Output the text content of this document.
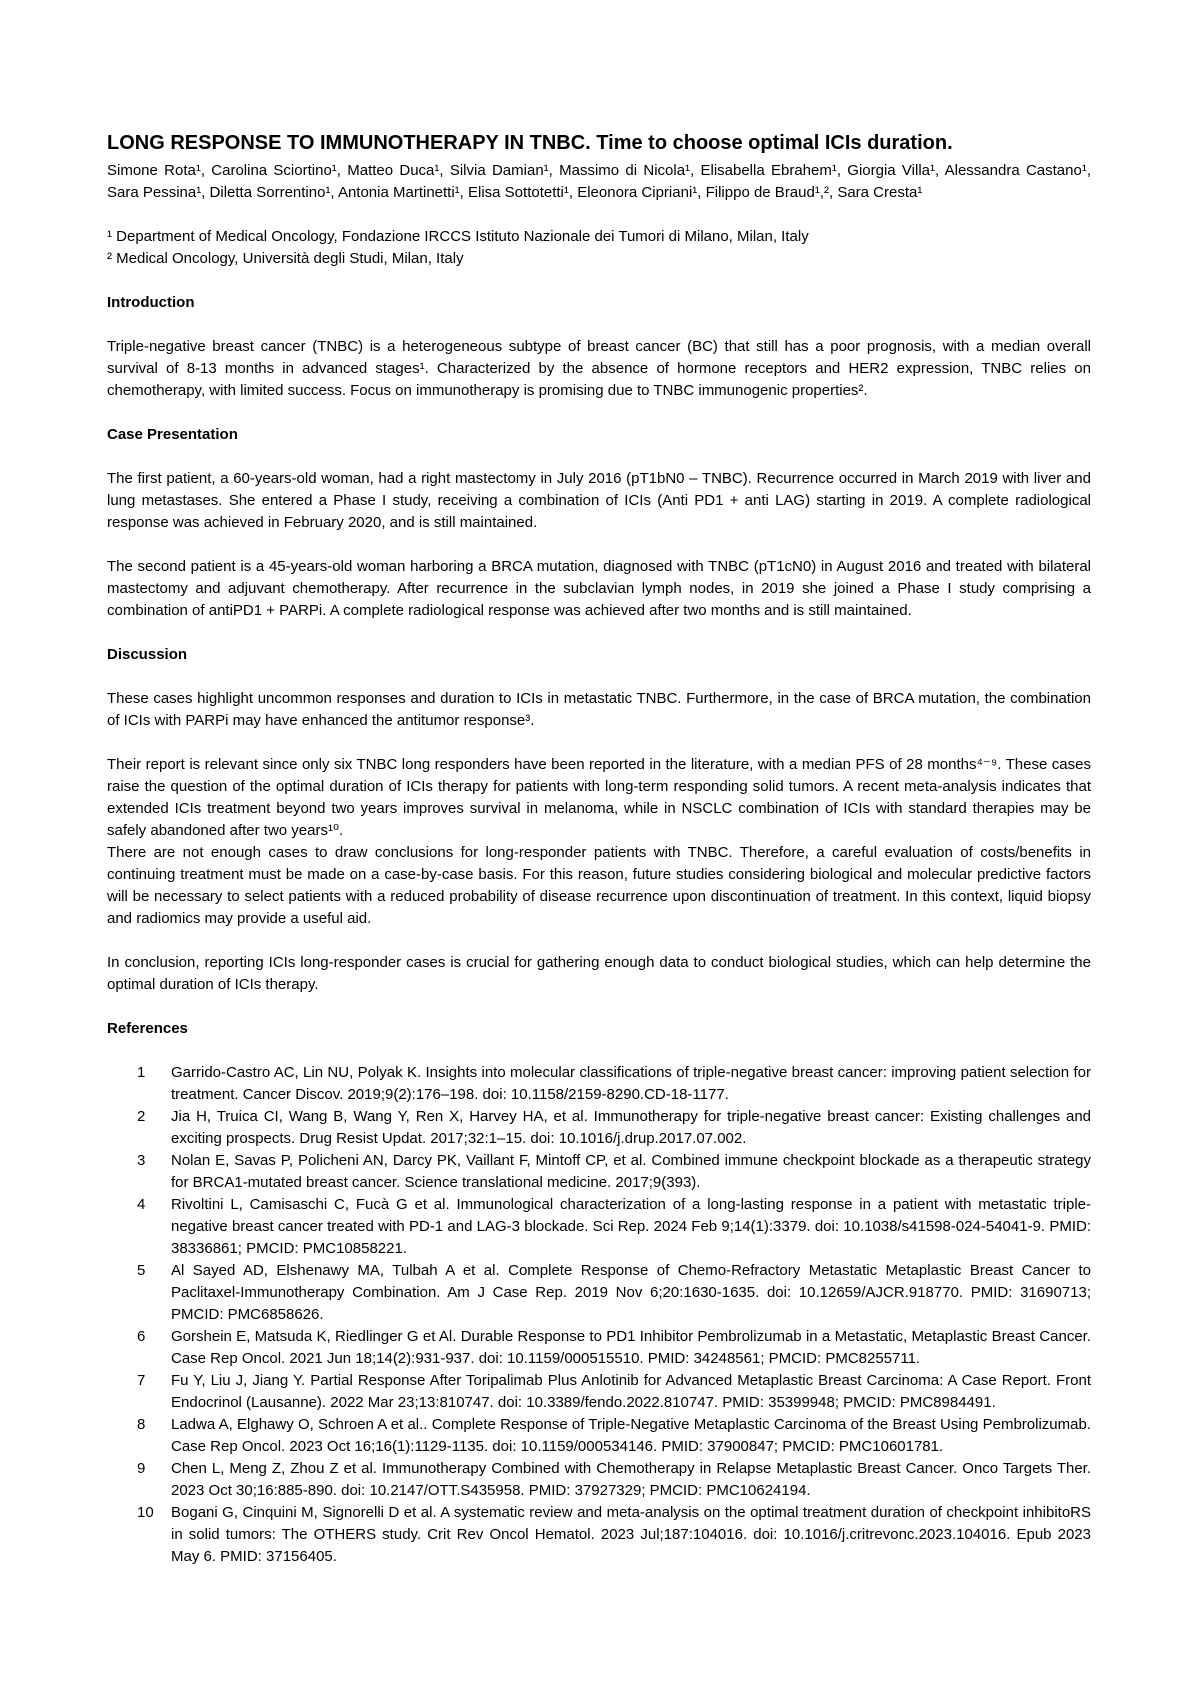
LONG RESPONSE TO IMMUNOTHERAPY IN TNBC. Time to choose optimal ICIs duration.

Simone Rota¹, Carolina Sciortino¹, Matteo Duca¹, Silvia Damian¹, Massimo di Nicola¹, Elisabella Ebrahem¹, Giorgia Villa¹, Alessandra Castano¹, Sara Pessina¹, Diletta Sorrentino¹, Antonia Martinetti¹, Elisa Sottotetti¹, Eleonora Cipriani¹, Filippo de Braud¹,², Sara Cresta¹

¹ Department of Medical Oncology, Fondazione IRCCS Istituto Nazionale dei Tumori di Milano, Milan, Italy

² Medical Oncology, Università degli Studi, Milan, Italy

Introduction

Triple-negative breast cancer (TNBC) is a heterogeneous subtype of breast cancer (BC) that still has a poor prognosis, with a median overall survival of 8-13 months in advanced stages¹. Characterized by the absence of hormone receptors and HER2 expression, TNBC relies on chemotherapy, with limited success. Focus on immunotherapy is promising due to TNBC immunogenic properties².

Case Presentation

The first patient, a 60-years-old woman, had a right mastectomy in July 2016 (pT1bN0 – TNBC). Recurrence occurred in March 2019 with liver and lung metastases. She entered a Phase I study, receiving a combination of ICIs (Anti PD1 + anti LAG) starting in 2019. A complete radiological response was achieved in February 2020, and is still maintained.

The second patient is a 45-years-old woman harboring a BRCA mutation, diagnosed with TNBC (pT1cN0) in August 2016 and treated with bilateral mastectomy and adjuvant chemotherapy. After recurrence in the subclavian lymph nodes, in 2019 she joined a Phase I study comprising a combination of antiPD1 + PARPi. A complete radiological response was achieved after two months and is still maintained.

Discussion

These cases highlight uncommon responses and duration to ICIs in metastatic TNBC. Furthermore, in the case of BRCA mutation, the combination of ICIs with PARPi may have enhanced the antitumor response³.

Their report is relevant since only six TNBC long responders have been reported in the literature, with a median PFS of 28 months⁴⁻⁹. These cases raise the question of the optimal duration of ICIs therapy for patients with long-term responding solid tumors. A recent meta-analysis indicates that extended ICIs treatment beyond two years improves survival in melanoma, while in NSCLC combination of ICIs with standard therapies may be safely abandoned after two years¹⁰.

There are not enough cases to draw conclusions for long-responder patients with TNBC. Therefore, a careful evaluation of costs/benefits in continuing treatment must be made on a case-by-case basis. For this reason, future studies considering biological and molecular predictive factors will be necessary to select patients with a reduced probability of disease recurrence upon discontinuation of treatment. In this context, liquid biopsy and radiomics may provide a useful aid.

In conclusion, reporting ICIs long-responder cases is crucial for gathering enough data to conduct biological studies, which can help determine the optimal duration of ICIs therapy.

References
1	Garrido-Castro AC, Lin NU, Polyak K. Insights into molecular classifications of triple-negative breast cancer: improving patient selection for treatment. Cancer Discov. 2019;9(2):176–198. doi: 10.1158/2159-8290.CD-18-1177.
2	Jia H, Truica CI, Wang B, Wang Y, Ren X, Harvey HA, et al. Immunotherapy for triple-negative breast cancer: Existing challenges and exciting prospects. Drug Resist Updat. 2017;32:1–15. doi: 10.1016/j.drup.2017.07.002.
3	Nolan E, Savas P, Policheni AN, Darcy PK, Vaillant F, Mintoff CP, et al. Combined immune checkpoint blockade as a therapeutic strategy for BRCA1-mutated breast cancer. Science translational medicine. 2017;9(393).
4	Rivoltini L, Camisaschi C, Fucà G et al. Immunological characterization of a long-lasting response in a patient with metastatic triple-negative breast cancer treated with PD-1 and LAG-3 blockade. Sci Rep. 2024 Feb 9;14(1):3379. doi: 10.1038/s41598-024-54041-9. PMID: 38336861; PMCID: PMC10858221.
5	Al Sayed AD, Elshenawy MA, Tulbah A et al. Complete Response of Chemo-Refractory Metastatic Metaplastic Breast Cancer to Paclitaxel-Immunotherapy Combination. Am J Case Rep. 2019 Nov 6;20:1630-1635. doi: 10.12659/AJCR.918770. PMID: 31690713; PMCID: PMC6858626.
6	Gorshein E, Matsuda K, Riedlinger G et Al. Durable Response to PD1 Inhibitor Pembrolizumab in a Metastatic, Metaplastic Breast Cancer. Case Rep Oncol. 2021 Jun 18;14(2):931-937. doi: 10.1159/000515510. PMID: 34248561; PMCID: PMC8255711.
7	Fu Y, Liu J, Jiang Y. Partial Response After Toripalimab Plus Anlotinib for Advanced Metaplastic Breast Carcinoma: A Case Report. Front Endocrinol (Lausanne). 2022 Mar 23;13:810747. doi: 10.3389/fendo.2022.810747. PMID: 35399948; PMCID: PMC8984491.
8	Ladwa A, Elghawy O, Schroen A et al.. Complete Response of Triple-Negative Metaplastic Carcinoma of the Breast Using Pembrolizumab. Case Rep Oncol. 2023 Oct 16;16(1):1129-1135. doi: 10.1159/000534146. PMID: 37900847; PMCID: PMC10601781.
9	Chen L, Meng Z, Zhou Z et al. Immunotherapy Combined with Chemotherapy in Relapse Metaplastic Breast Cancer. Onco Targets Ther. 2023 Oct 30;16:885-890. doi: 10.2147/OTT.S435958. PMID: 37927329; PMCID: PMC10624194.
10	Bogani G, Cinquini M, Signorelli D et al. A systematic review and meta-analysis on the optimal treatment duration of checkpoint inhibitoRS in solid tumors: The OTHERS study. Crit Rev Oncol Hematol. 2023 Jul;187:104016. doi: 10.1016/j.critrevonc.2023.104016. Epub 2023 May 6. PMID: 37156405.
